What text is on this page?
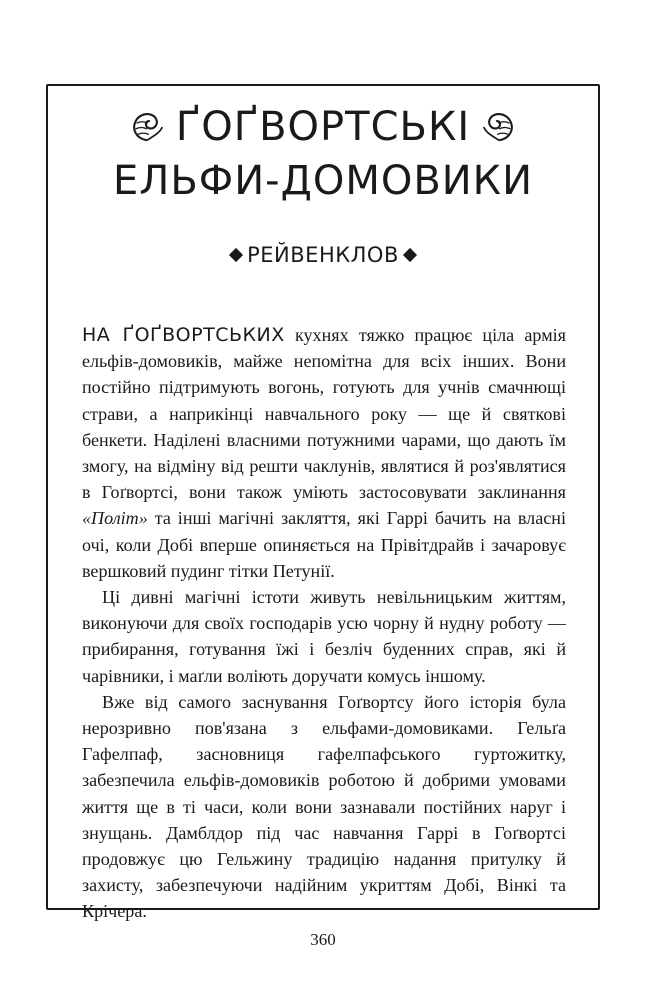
ҐОҐВОРТСЬКІ
ЕЛЬФИ-ДОМОВИКИ
РЕЙВЕНКЛОВ

НА ҐОҐВОРТСЬКИХ кухнях тяжко працює ціла армія ельфів-домовиків, майже непомітна для всіх інших. Вони постійно підтримують вогонь, готують для учнів смачнющі страви, а наприкінці навчального року — ще й святкові бенкети. Наділені власними потужними чарами, що дають їм змогу, на відміну від решти чаклунів, являтися й роз'являтися в Гоґвортсі, вони також уміють застосовувати заклинання «Політ» та інші магічні закляття, які Гаррі бачить на власні очі, коли Добі вперше опиняється на Прівітдрайв і зачаровує вершковий пудинг тітки Петунії.

Ці дивні магічні істоти живуть невільницьким життям, виконуючи для своїх господарів усю чорну й нудну роботу — прибирання, готування їжі і безліч буденних справ, які й чарівники, і маґли воліють доручати комусь іншому.

Вже від самого заснування Гоґвортсу його історія була нерозривно пов'язана з ельфами-домовиками. Гельґа Гафелпаф, засновниця гафелпафського гуртожитку, забезпечила ельфів-домовиків роботою й добрими умовами життя ще в ті часи, коли вони зазнавали постійних наруг і знущань. Дамблдор під час навчання Гаррі в Гоґвортсі продовжує цю Гельжину традицію надання притулку й захисту, забезпечуючи надійним укриттям Добі, Вінкі та Крічера.

360
